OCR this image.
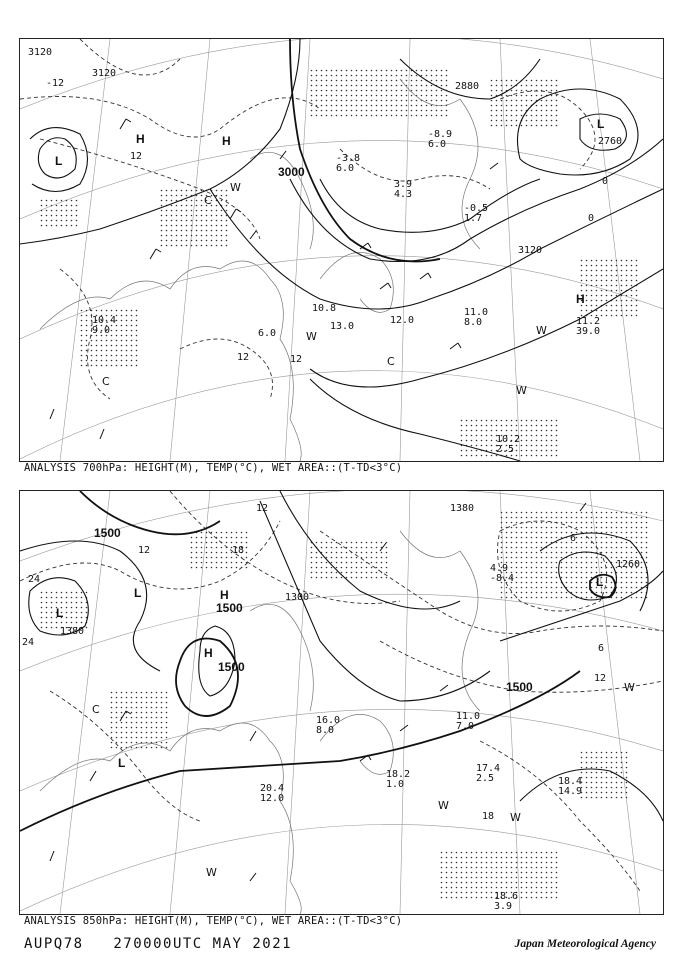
3120
3120
3000
3120
2760
2880
-12
12
12	12
0
0
L
H	H
L
C
C
W
W	W
W
C
H
10.4
9.0
11.0
8.0
12.0
13.0
10.8
6.0
11.2
39.0
10.2
2.5
-3.8
6.0
3.9
4.3
-8.9
6.0
-0.5
1.7
ANALYSIS 700hPa: HEIGHT(M), TEMP(°C), WET AREA::(T-TD<3°C)
1500
1500
1500
1380
1300
1500
1260
1380
24
24
12	18
12
18
6
12
6
L
L	H
H
L
L
C
W
W
W
W
18.2
1.0
17.4
2.5	18.4
14.9
18.6
3.9
20.4
12.0
16.0
8.0
11.0
7.0
4.9
-8.4
ANALYSIS 850hPa: HEIGHT(M), TEMP(°C), WET AREA::(T-TD<3°C)
AUPQ78 270000UTC MAY 2021	Japan Meteorological Agency
